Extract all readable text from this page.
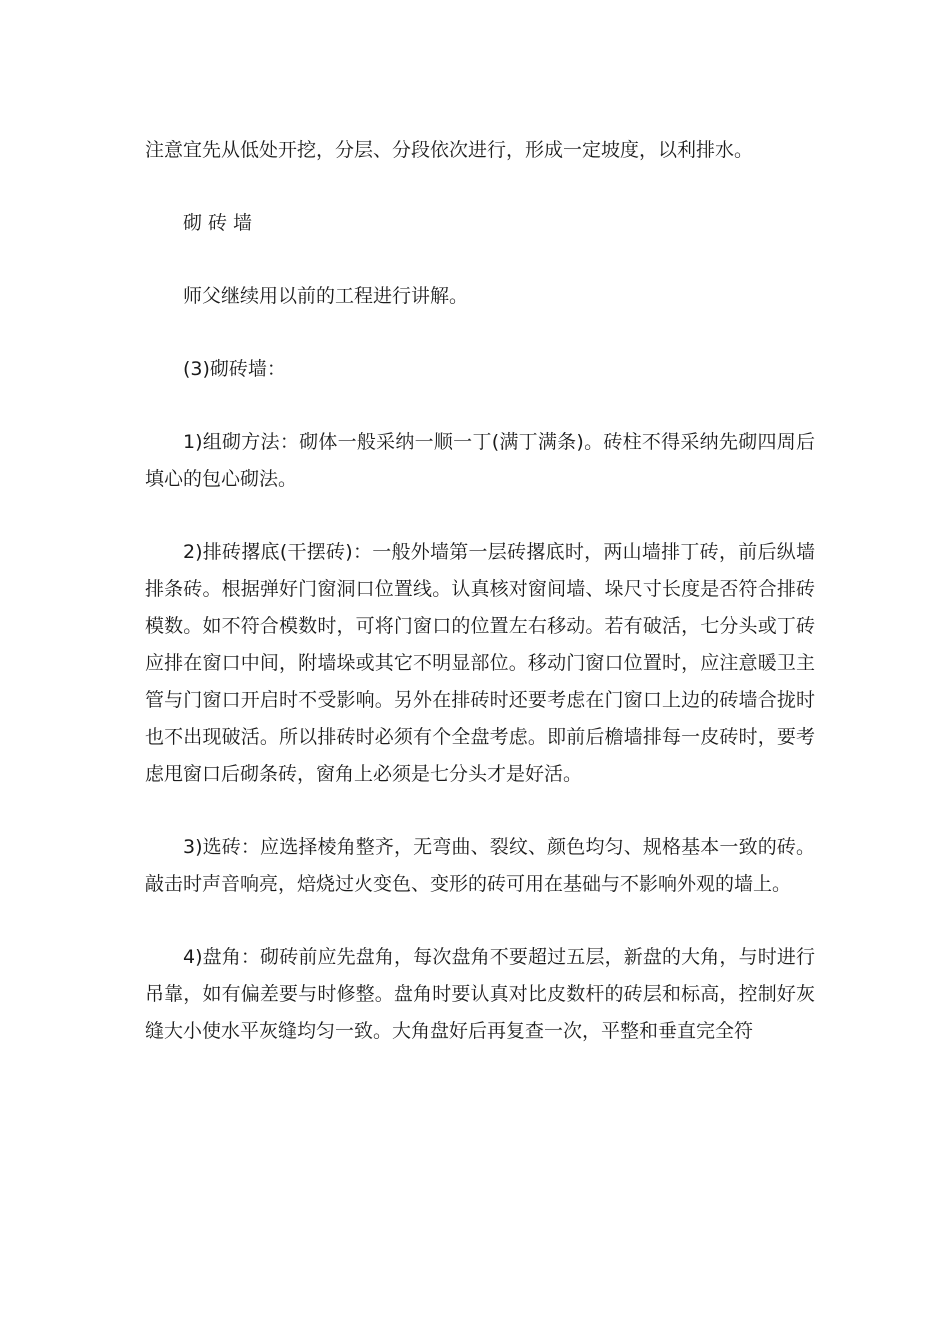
注意宜先从低处开挖，分层、分段依次进行，形成一定坡度，以利排水。

砌砖墙

师父继续用以前的工程进行讲解。

(3)砌砖墙：

1)组砌方法：砌体一般采纳一顺一丁(满丁满条)。砖柱不得采纳先砌四周后填心的包心砌法。

2)排砖撂底(干摆砖)：一般外墙第一层砖撂底时，两山墙排丁砖，前后纵墙排条砖。根据弹好门窗洞口位置线。认真核对窗间墙、垛尺寸长度是否符合排砖模数。如不符合模数时，可将门窗口的位置左右移动。若有破活，七分头或丁砖应排在窗口中间，附墙垛或其它不明显部位。移动门窗口位置时，应注意暖卫主管与门窗口开启时不受影响。另外在排砖时还要考虑在门窗口上边的砖墙合拢时也不出现破活。所以排砖时必须有个全盘考虑。即前后檐墙排每一皮砖时，要考虑甩窗口后砌条砖，窗角上必须是七分头才是好活。

3)选砖：应选择棱角整齐，无弯曲、裂纹、颜色均匀、规格基本一致的砖。敲击时声音响亮，焙烧过火变色、变形的砖可用在基础与不影响外观的墙上。

4)盘角：砌砖前应先盘角，每次盘角不要超过五层，新盘的大角，与时进行吊靠，如有偏差要与时修整。盘角时要认真对比皮数杆的砖层和标高，控制好灰缝大小使水平灰缝均匀一致。大角盘好后再复查一次，平整和垂直完全符
